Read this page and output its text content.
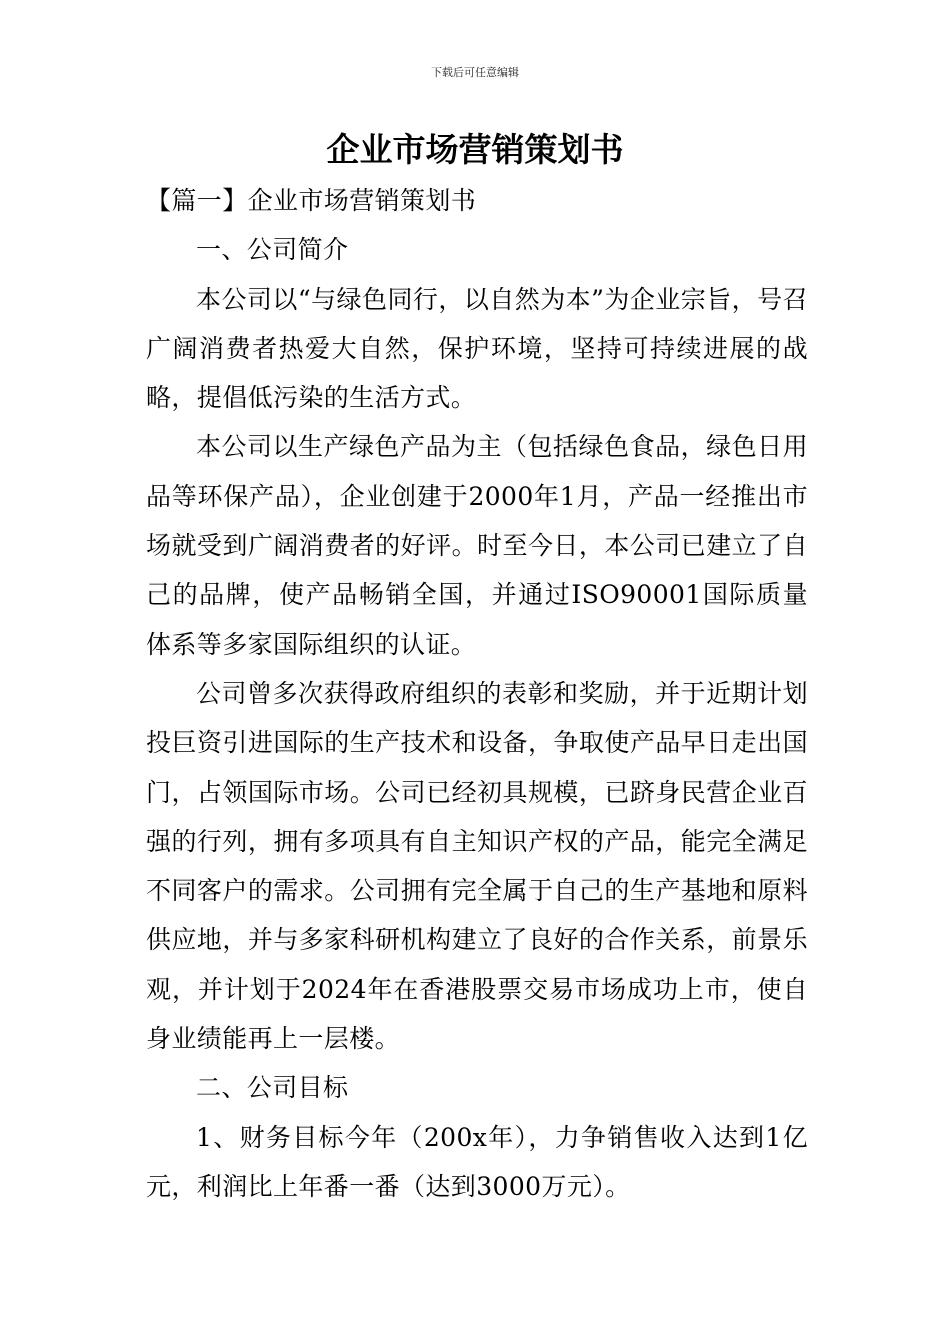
下载后可任意编辑
企业市场营销策划书

【篇一】企业市场营销策划书

一、公司简介

本公司以“与绿色同行，以自然为本”为企业宗旨，号召广阔消费者热爱大自然，保护环境，坚持可持续进展的战略，提倡低污染的生活方式。

本公司以生产绿色产品为主（包括绿色食品，绿色日用品等环保产品），企业创建于2000年1月，产品一经推出市场就受到广阔消费者的好评。时至今日，本公司已建立了自己的品牌，使产品畅销全国，并通过ISO90001国际质量体系等多家国际组织的认证。

公司曾多次获得政府组织的表彰和奖励，并于近期计划投巨资引进国际的生产技术和设备，争取使产品早日走出国门，占领国际市场。公司已经初具规模，已跻身民营企业百强的行列，拥有多项具有自主知识产权的产品，能完全满足不同客户的需求。公司拥有完全属于自己的生产基地和原料供应地，并与多家科研机构建立了良好的合作关系，前景乐观，并计划于2024年在香港股票交易市场成功上市，使自身业绩能再上一层楼。

二、公司目标

1、财务目标今年（200x年），力争销售收入达到1亿元，利润比上年番一番（达到3000万元）。
